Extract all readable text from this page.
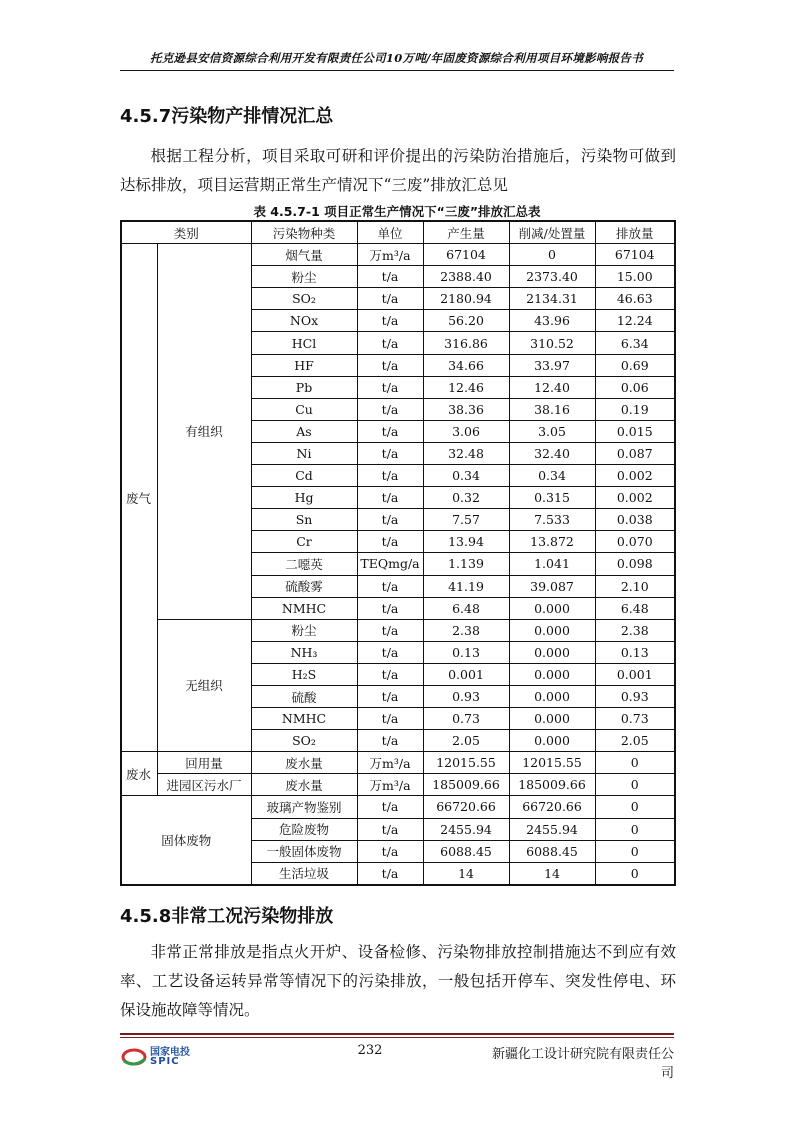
托克逊县安信资源综合利用开发有限责任公司10万吨/年固废资源综合利用项目环境影响报告书
4.5.7污染物产排情况汇总

根据工程分析，项目采取可研和评价提出的污染防治措施后，污染物可做到达标排放，项目运营期正常生产情况下“三废”排放汇总见

表 4.5.7-1 项目正常生产情况下“三废”排放汇总表
类别		污染物种类	单位	产生量	削减/处置量	排放量
废气	有组织	烟气量	万m³/a	67104	0	67104
		粉尘	t/a	2388.40	2373.40	15.00
		SO₂	t/a	2180.94	2134.31	46.63
		NOx	t/a	56.20	43.96	12.24
		HCl	t/a	316.86	310.52	6.34
		HF	t/a	34.66	33.97	0.69
		Pb	t/a	12.46	12.40	0.06
		Cu	t/a	38.36	38.16	0.19
		As	t/a	3.06	3.05	0.015
		Ni	t/a	32.48	32.40	0.087
		Cd	t/a	0.34	0.34	0.002
		Hg	t/a	0.32	0.315	0.002
		Sn	t/a	7.57	7.533	0.038
		Cr	t/a	13.94	13.872	0.070
		二噁英	TEQmg/a	1.139	1.041	0.098
		硫酸雾	t/a	41.19	39.087	2.10
		NMHC	t/a	6.48	0.000	6.48
	无组织	粉尘	t/a	2.38	0.000	2.38
		NH₃	t/a	0.13	0.000	0.13
		H₂S	t/a	0.001	0.000	0.001
		硫酸	t/a	0.93	0.000	0.93
		NMHC	t/a	0.73	0.000	0.73
		SO₂	t/a	2.05	0.000	2.05
废水	回用量	废水量	万m³/a	12015.55	12015.55	0
	进园区污水厂	废水量	万m³/a	185009.66	185009.66	0
固体废物		玻璃产物鉴别	t/a	66720.66	66720.66	0
		危险废物	t/a	2455.94	2455.94	0
		一般固体废物	t/a	6088.45	6088.45	0
		生活垃圾	t/a	14	14	0
4.5.8非常工况污染物排放

非常正常排放是指点火开炉、设备检修、污染物排放控制措施达不到应有效率、工艺设备运转异常等情况下的污染排放，一般包括开停车、突发性停电、环保设施故障等情况。

国家电投
SPIC
232	新疆化工设计研究院有限责任公司
